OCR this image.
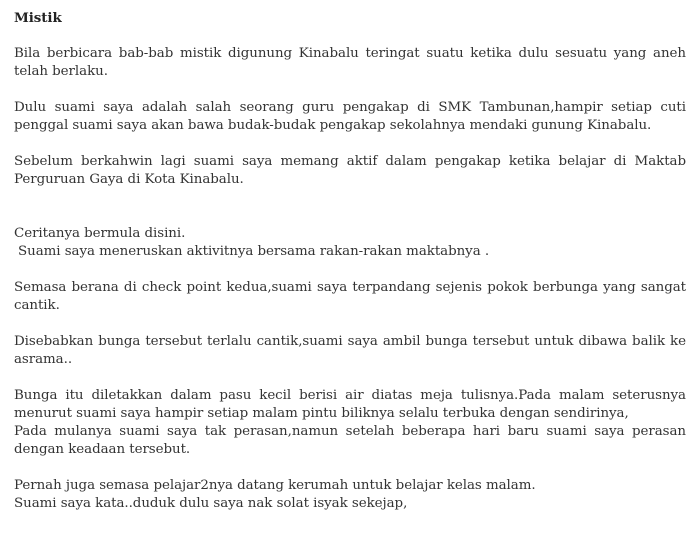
Mistik
Bila berbicara bab-bab mistik digunung Kinabalu teringat suatu ketika dulu sesuatu yang aneh
telah berlaku.
Dulu suami saya adalah salah seorang guru pengakap di SMK Tambunan,hampir setiap cuti
penggal suami saya akan bawa budak-budak pengakap sekolahnya mendaki gunung Kinabalu.
Sebelum berkahwin lagi suami saya memang aktif dalam pengakap ketika belajar di Maktab
Perguruan Gaya di Kota Kinabalu.
Ceritanya bermula disini.
Suami saya meneruskan aktivitnya bersama rakan-rakan maktabnya .
Semasa berana di check point kedua,suami saya terpandang sejenis pokok berbunga yang sangat
cantik.
Disebabkan bunga tersebut terlalu cantik,suami saya ambil bunga tersebut untuk dibawa balik ke
asrama..
Bunga itu diletakkan dalam pasu kecil berisi air diatas meja tulisnya.Pada malam seterusnya
menurut suami saya hampir setiap malam pintu biliknya selalu terbuka dengan sendirinya,
Pada mulanya suami saya tak perasan,namun setelah beberapa hari baru suami saya perasan
dengan keadaan tersebut.
Pernah juga semasa pelajar2nya datang kerumah untuk belajar kelas malam.
Suami saya kata..duduk dulu saya nak solat isyak sekejap,
